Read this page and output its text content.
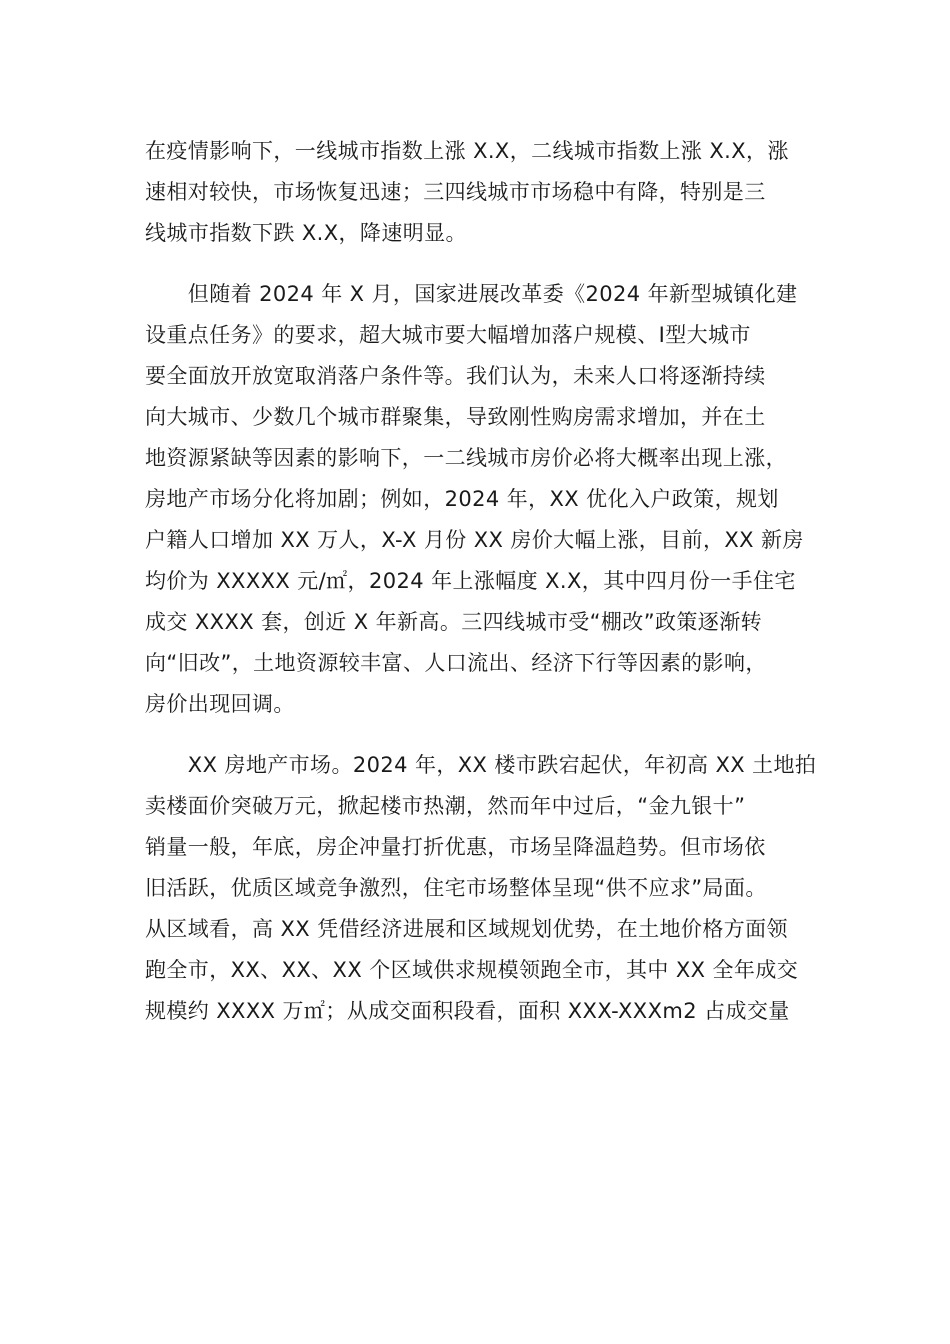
在疫情影响下，一线城市指数上涨 X.X，二线城市指数上涨 X.X，涨
速相对较快，市场恢复迅速；三四线城市市场稳中有降，特别是三
线城市指数下跌 X.X，降速明显。
　　但随着 2024 年 X 月，国家进展改革委《2024 年新型城镇化建
设重点任务》的要求，超大城市要大幅增加落户规模、Ⅰ型大城市
要全面放开放宽取消落户条件等。我们认为，未来人口将逐渐持续
向大城市、少数几个城市群聚集，导致刚性购房需求增加，并在土
地资源紧缺等因素的影响下，一二线城市房价必将大概率出现上涨，
房地产市场分化将加剧；例如，2024 年，XX 优化入户政策，规划
户籍人口增加 XX 万人，X-X 月份 XX 房价大幅上涨，目前，XX 新房
均价为 XXXXX 元/㎡，2024 年上涨幅度 X.X，其中四月份一手住宅
成交 XXXX 套，创近 X 年新高。三四线城市受“棚改”政策逐渐转
向“旧改”，土地资源较丰富、人口流出、经济下行等因素的影响，
房价出现回调。
　　XX 房地产市场。2024 年，XX 楼市跌宕起伏，年初高 XX 土地拍
卖楼面价突破万元，掀起楼市热潮，然而年中过后，“金九银十”
销量一般，年底，房企冲量打折优惠，市场呈降温趋势。但市场依
旧活跃，优质区域竞争激烈，住宅市场整体呈现“供不应求”局面。
从区域看，高 XX 凭借经济进展和区域规划优势，在土地价格方面领
跑全市，XX、XX、XX 个区域供求规模领跑全市，其中 XX 全年成交
规模约 XXXX 万㎡；从成交面积段看，面积 XXX-XXXm2 占成交量
